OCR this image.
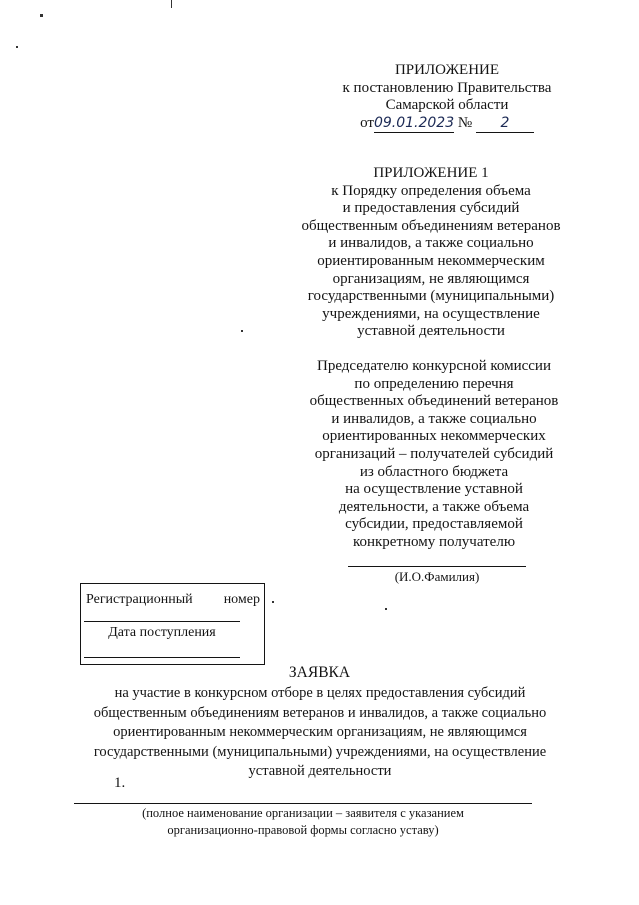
ПРИЛОЖЕНИЕ
к постановлению Правительства
Самарской области
от09.01.2023 № 2
ПРИЛОЖЕНИЕ 1
к Порядку определения объема
и предоставления субсидий
общественным объединениям ветеранов
и инвалидов, а также социально
ориентированным некоммерческим
организациям, не являющимся
государственными (муниципальными)
учреждениями, на осуществление
уставной деятельности
Председателю конкурсной комиссии
по определению перечня
общественных объединений ветеранов
и инвалидов, а также социально
ориентированных некоммерческих
организаций – получателей субсидий
из областного бюджета
на осуществление уставной
деятельности, а также объема
субсидии, предоставляемой
конкретному получателю
(И.О.Фамилия)
Регистрационный номер
Дата поступления
ЗАЯВКА
на участие в конкурсном отборе в целях предоставления субсидий
общественным объединениям ветеранов и инвалидов, а также социально
ориентированным некоммерческим организациям, не являющимся
государственными (муниципальными) учреждениями, на осуществление
уставной деятельности
1.
(полное наименование организации – заявителя с указанием
организационно-правовой формы согласно уставу)
